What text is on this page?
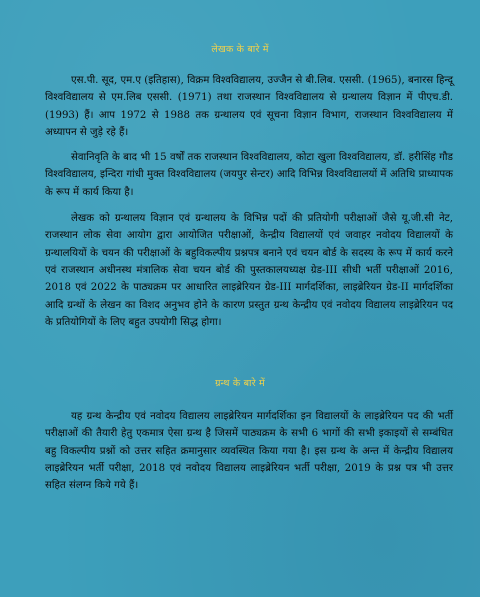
लेखक के बारे में

एस.पी. सूद, एम.ए (इतिहास), विक्रम विश्वविद्यालय, उज्जैन से बी.लिब. एससी. (1965), बनारस हिन्दू विश्वविद्यालय से एम.लिब एससी. (1971) तथा राजस्थान विश्वविद्यालय से ग्रन्थालय विज्ञान में पीएच.डी. (1993) हैं। आप 1972 से 1988 तक ग्रन्थालय एवं सूचना विज्ञान विभाग, राजस्थान विश्वविद्यालय में अध्यापन से जुड़े रहे हैं।

सेवानिवृति के बाद भी 15 वर्षों तक राजस्थान विश्वविद्यालय, कोटा खुला विश्वविद्यालय, डॉ. हरीसिंह गौड विश्वविद्यालय, इन्दिरा गांधी मुक्त विश्वविद्यालय (जयपुर सेन्टर) आदि विभिन्न विश्वविद्यालयों में अतिथि प्राध्यापक के रूप में कार्य किया है।

लेखक को ग्रन्थालय विज्ञान एवं ग्रन्थालय के विभिन्न पदों की प्रतियोगी परीक्षाओं जैसे यू.जी.सी नेट, राजस्थान लोक सेवा आयोग द्वारा आयोजित परीक्षाओं, केन्द्रीय विद्यालयों एवं जवाहर नवोदय विद्यालयों के ग्रन्थालयियों के चयन की परीक्षाओं के बहुविकल्पीय प्रश्नपत्र बनाने एवं चयन बोर्ड के सदस्य के रूप में कार्य करने एवं राजस्थान अधीनस्थ मंत्रालिक सेवा चयन बोर्ड की पुस्तकालयध्यक्ष ग्रेड-III सीधी भर्ती परीक्षाओं 2016, 2018 एवं 2022 के पाठ्यक्रम पर आधारित लाइब्रेरियन ग्रेड-III मार्गदर्शिका, लाइब्रेरियन ग्रेड-II मार्गदर्शिका आदि ग्रन्थों के लेखन का विशद अनुभव होने के कारण प्रस्तुत ग्रन्थ केन्द्रीय एवं नवोदय विद्यालय लाइब्रेरियन पद के प्रतियोगियों के लिए बहुत उपयोगी सिद्ध होगा।

ग्रन्थ के बारे में

यह ग्रन्थ केन्द्रीय एवं नवोदय विद्यालय लाइब्रेरियन मार्गदर्शिका इन विद्यालयों के लाइब्रेरियन पद की भर्ती परीक्षाओं की तैयारी हेतु एकमात्र ऐसा ग्रन्थ है जिसमें पाठ्यक्रम के सभी 6 भागों की सभी इकाइयों से सम्बंधित बहु विकल्पीय प्रश्नों को उत्तर सहित क्रमानुसार व्यवस्थित किया गया है। इस ग्रन्थ के अन्त में केन्द्रीय विद्यालय लाइब्रेरियन भर्ती परीक्षा, 2018 एवं नवोदय विद्यालय लाइब्रेरियन भर्ती परीक्षा, 2019 के प्रश्न पत्र भी उत्तर सहित संलग्न किये गये हैं।
